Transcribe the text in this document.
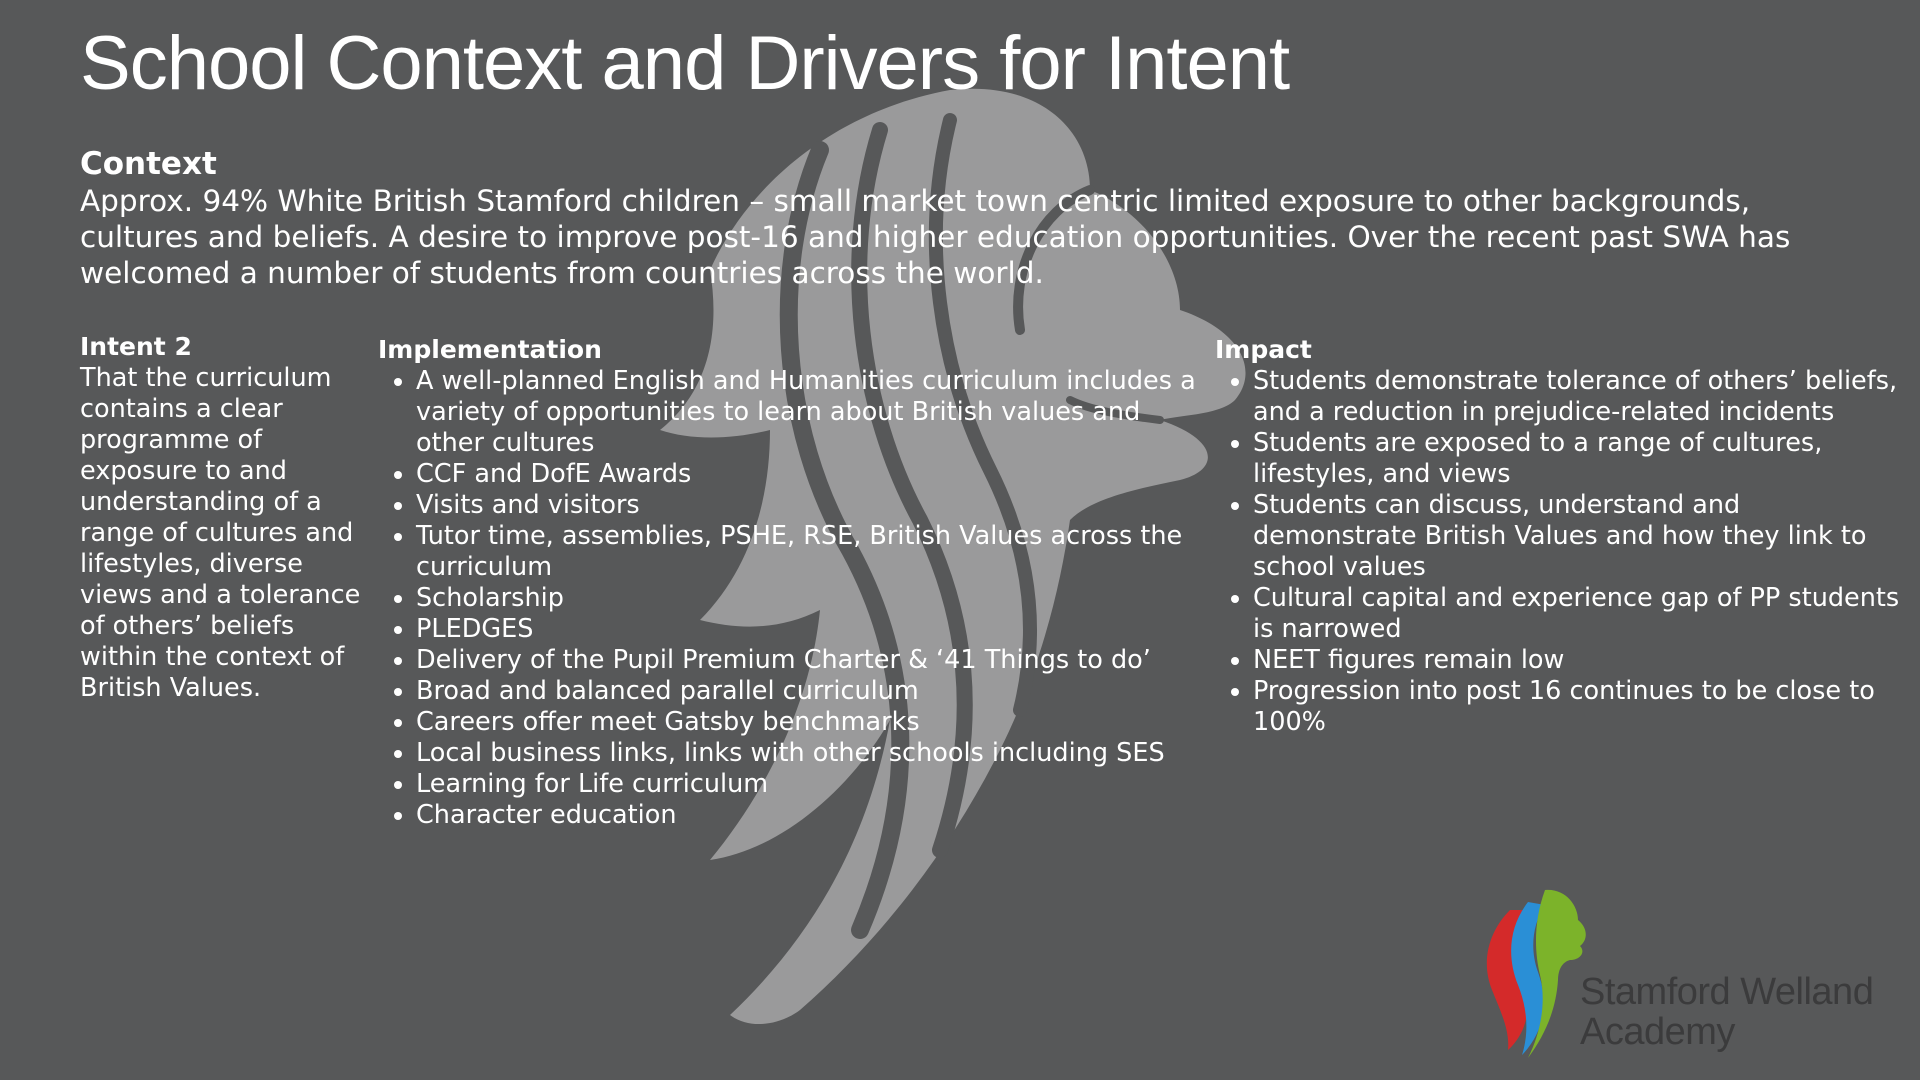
School Context and Drivers for Intent
Context

Approx. 94% White British Stamford children – small market town centric limited exposure to other backgrounds, cultures and beliefs. A desire to improve post-16 and higher education opportunities. Over the recent past SWA has welcomed a number of students from countries across the world.

Intent 2

That the curriculum contains a clear programme of exposure to and understanding of a range of cultures and lifestyles, diverse views and a tolerance of others’ beliefs within the context of British Values.

Implementation
• A well-planned English and Humanities curriculum includes a variety of opportunities to learn about British values and other cultures
• CCF and DofE Awards
• Visits and visitors
• Tutor time, assemblies, PSHE, RSE, British Values across the curriculum
• Scholarship
• PLEDGES
• Delivery of the Pupil Premium Charter & ‘41 Things to do’
• Broad and balanced parallel curriculum
• Careers offer meet Gatsby benchmarks
• Local business links, links with other schools including SES
• Learning for Life curriculum
• Character education
Impact
• Students demonstrate tolerance of others’ beliefs, and a reduction in prejudice-related incidents
• Students are exposed to a range of cultures, lifestyles, and views
• Students can discuss, understand and demonstrate British Values and how they link to school values
• Cultural capital and experience gap of PP students is narrowed
• NEET figures remain low
• Progression into post 16 continues to be close to 100%
Stamford Welland
Academy
